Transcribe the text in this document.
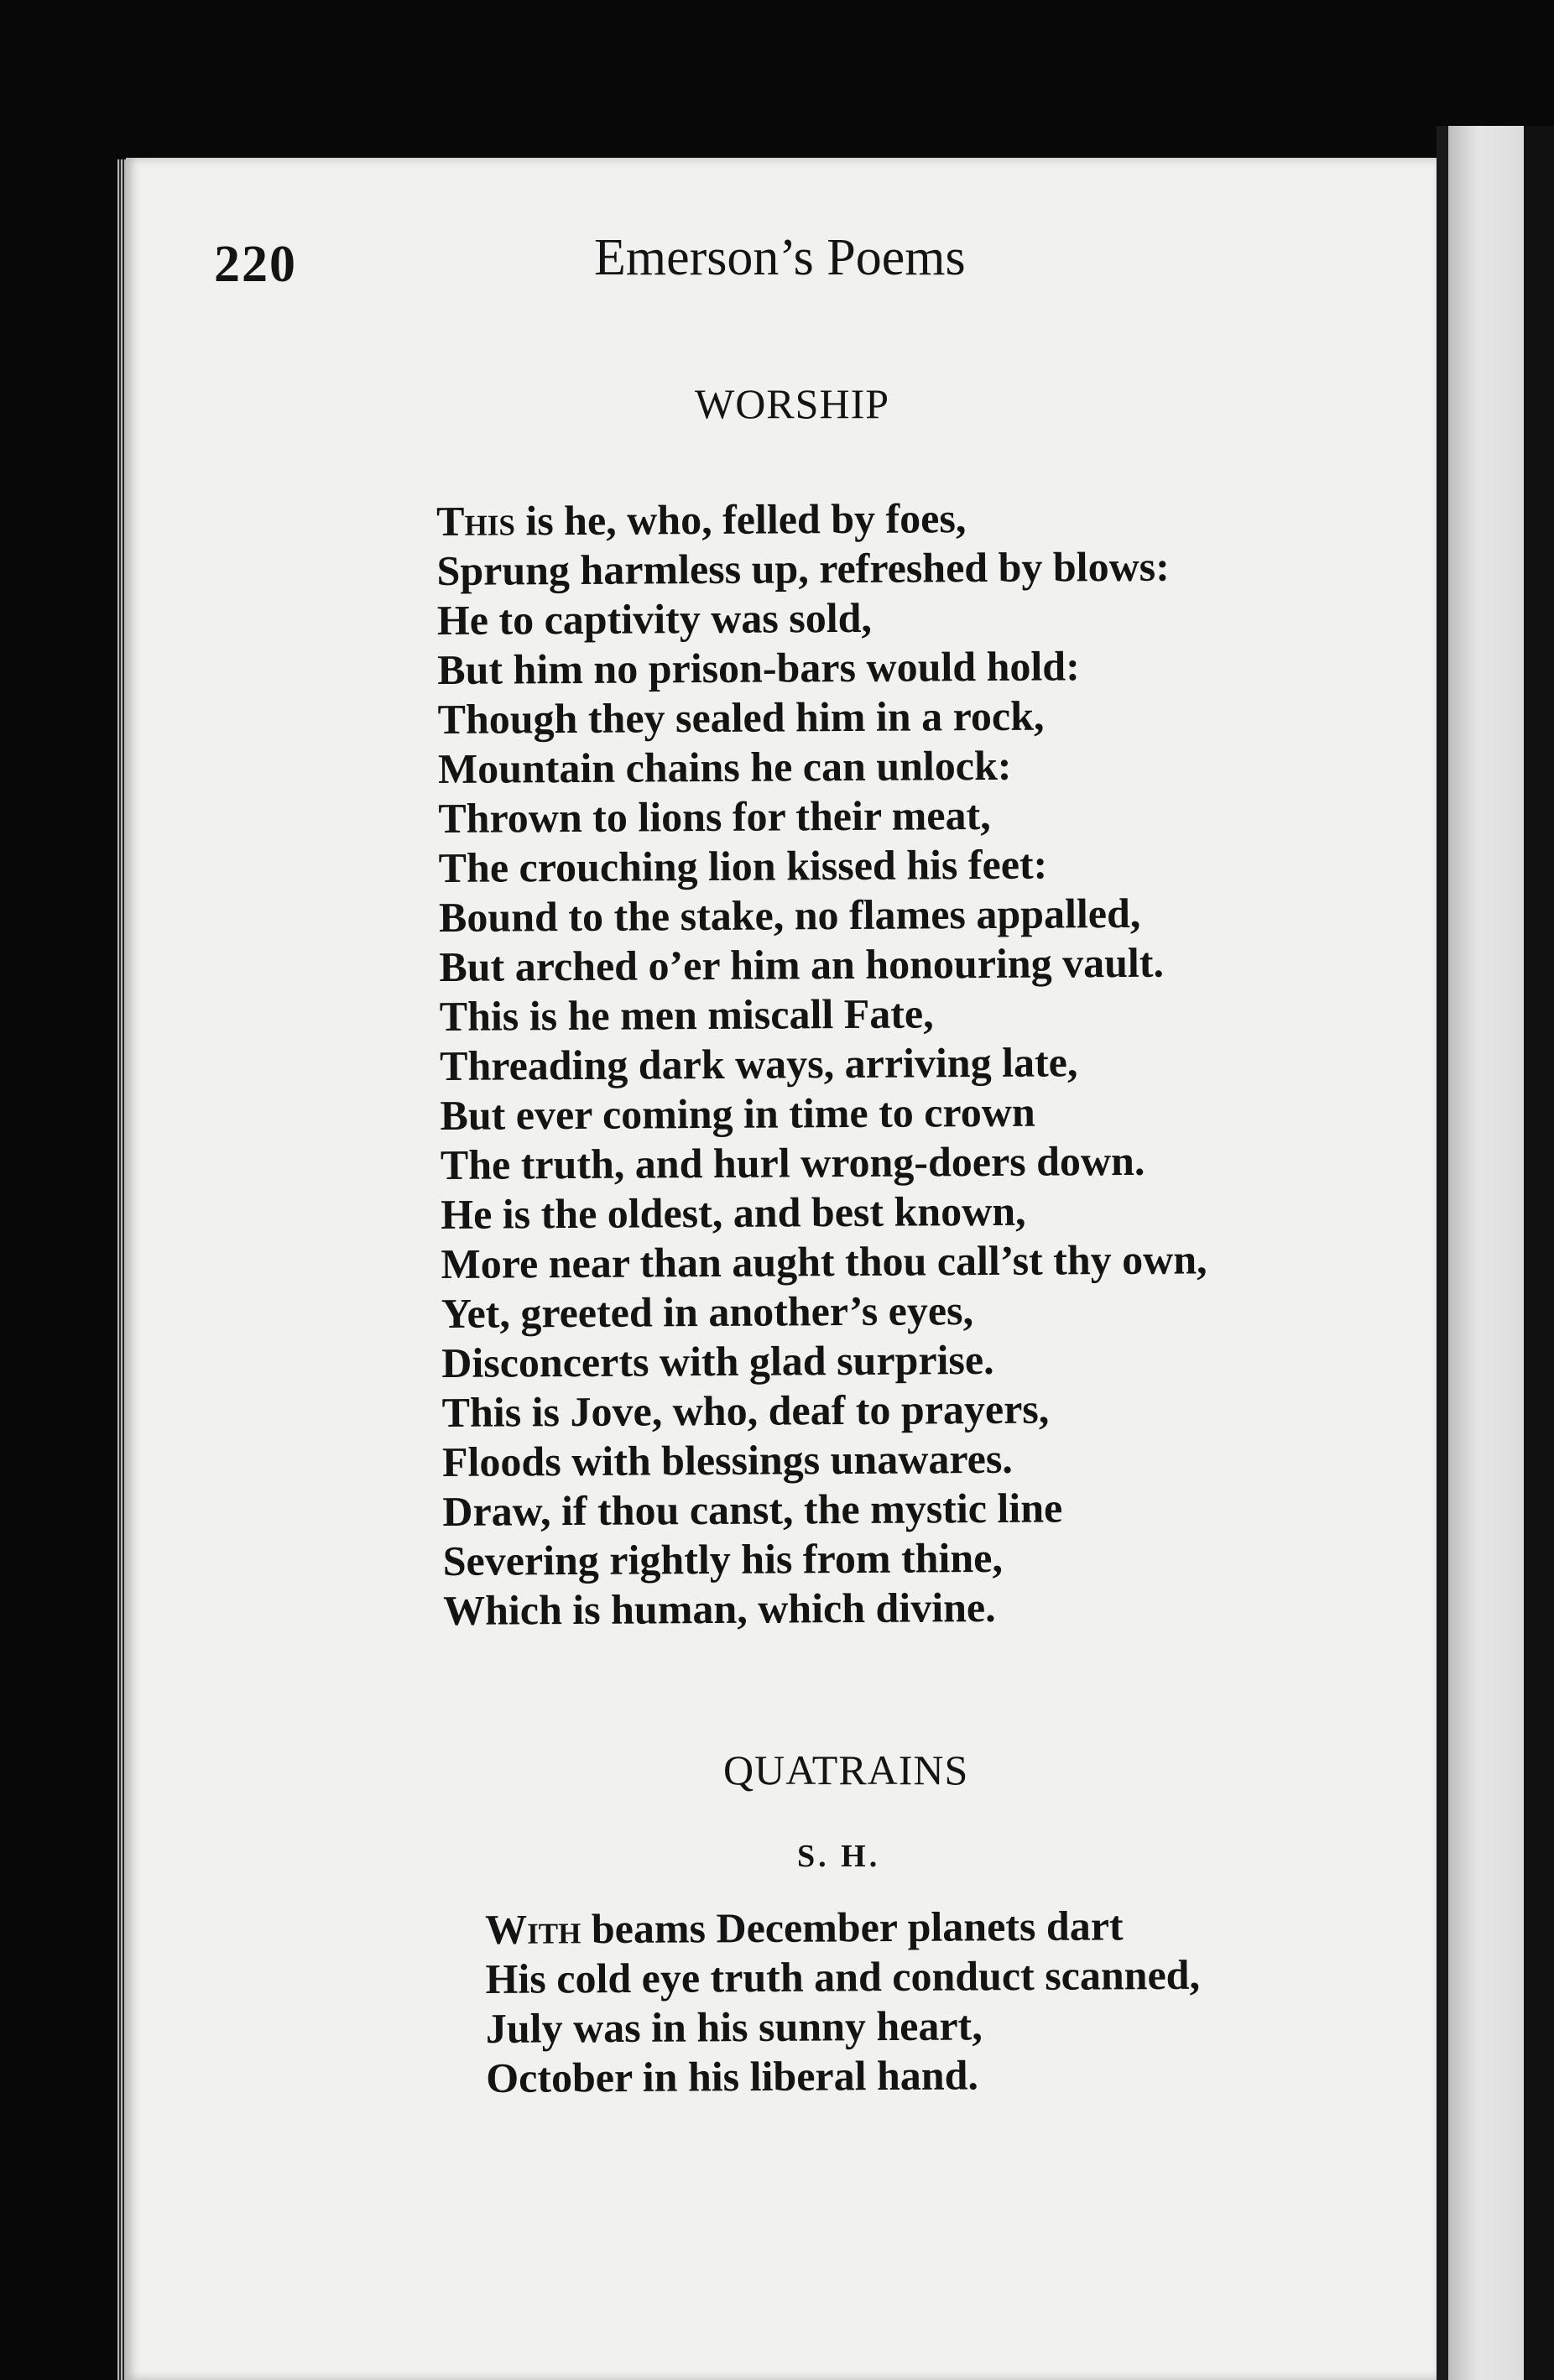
220	Emerson’s Poems
WORSHIP
This is he, who, felled by foes,
Sprung harmless up, refreshed by blows:
He to captivity was sold,
But him no prison-bars would hold:
Though they sealed him in a rock,
Mountain chains he can unlock:
Thrown to lions for their meat,
The crouching lion kissed his feet:
Bound to the stake, no flames appalled,
But arched o’er him an honouring vault.
This is he men miscall Fate,
Threading dark ways, arriving late,
But ever coming in time to crown
The truth, and hurl wrong-doers down.
He is the oldest, and best known,
More near than aught thou call’st thy own,
Yet, greeted in another’s eyes,
Disconcerts with glad surprise.
This is Jove, who, deaf to prayers,
Floods with blessings unawares.
Draw, if thou canst, the mystic line
Severing rightly his from thine,
Which is human, which divine.
QUATRAINS
S. H.
With beams December planets dart
His cold eye truth and conduct scanned,
July was in his sunny heart,
October in his liberal hand.
